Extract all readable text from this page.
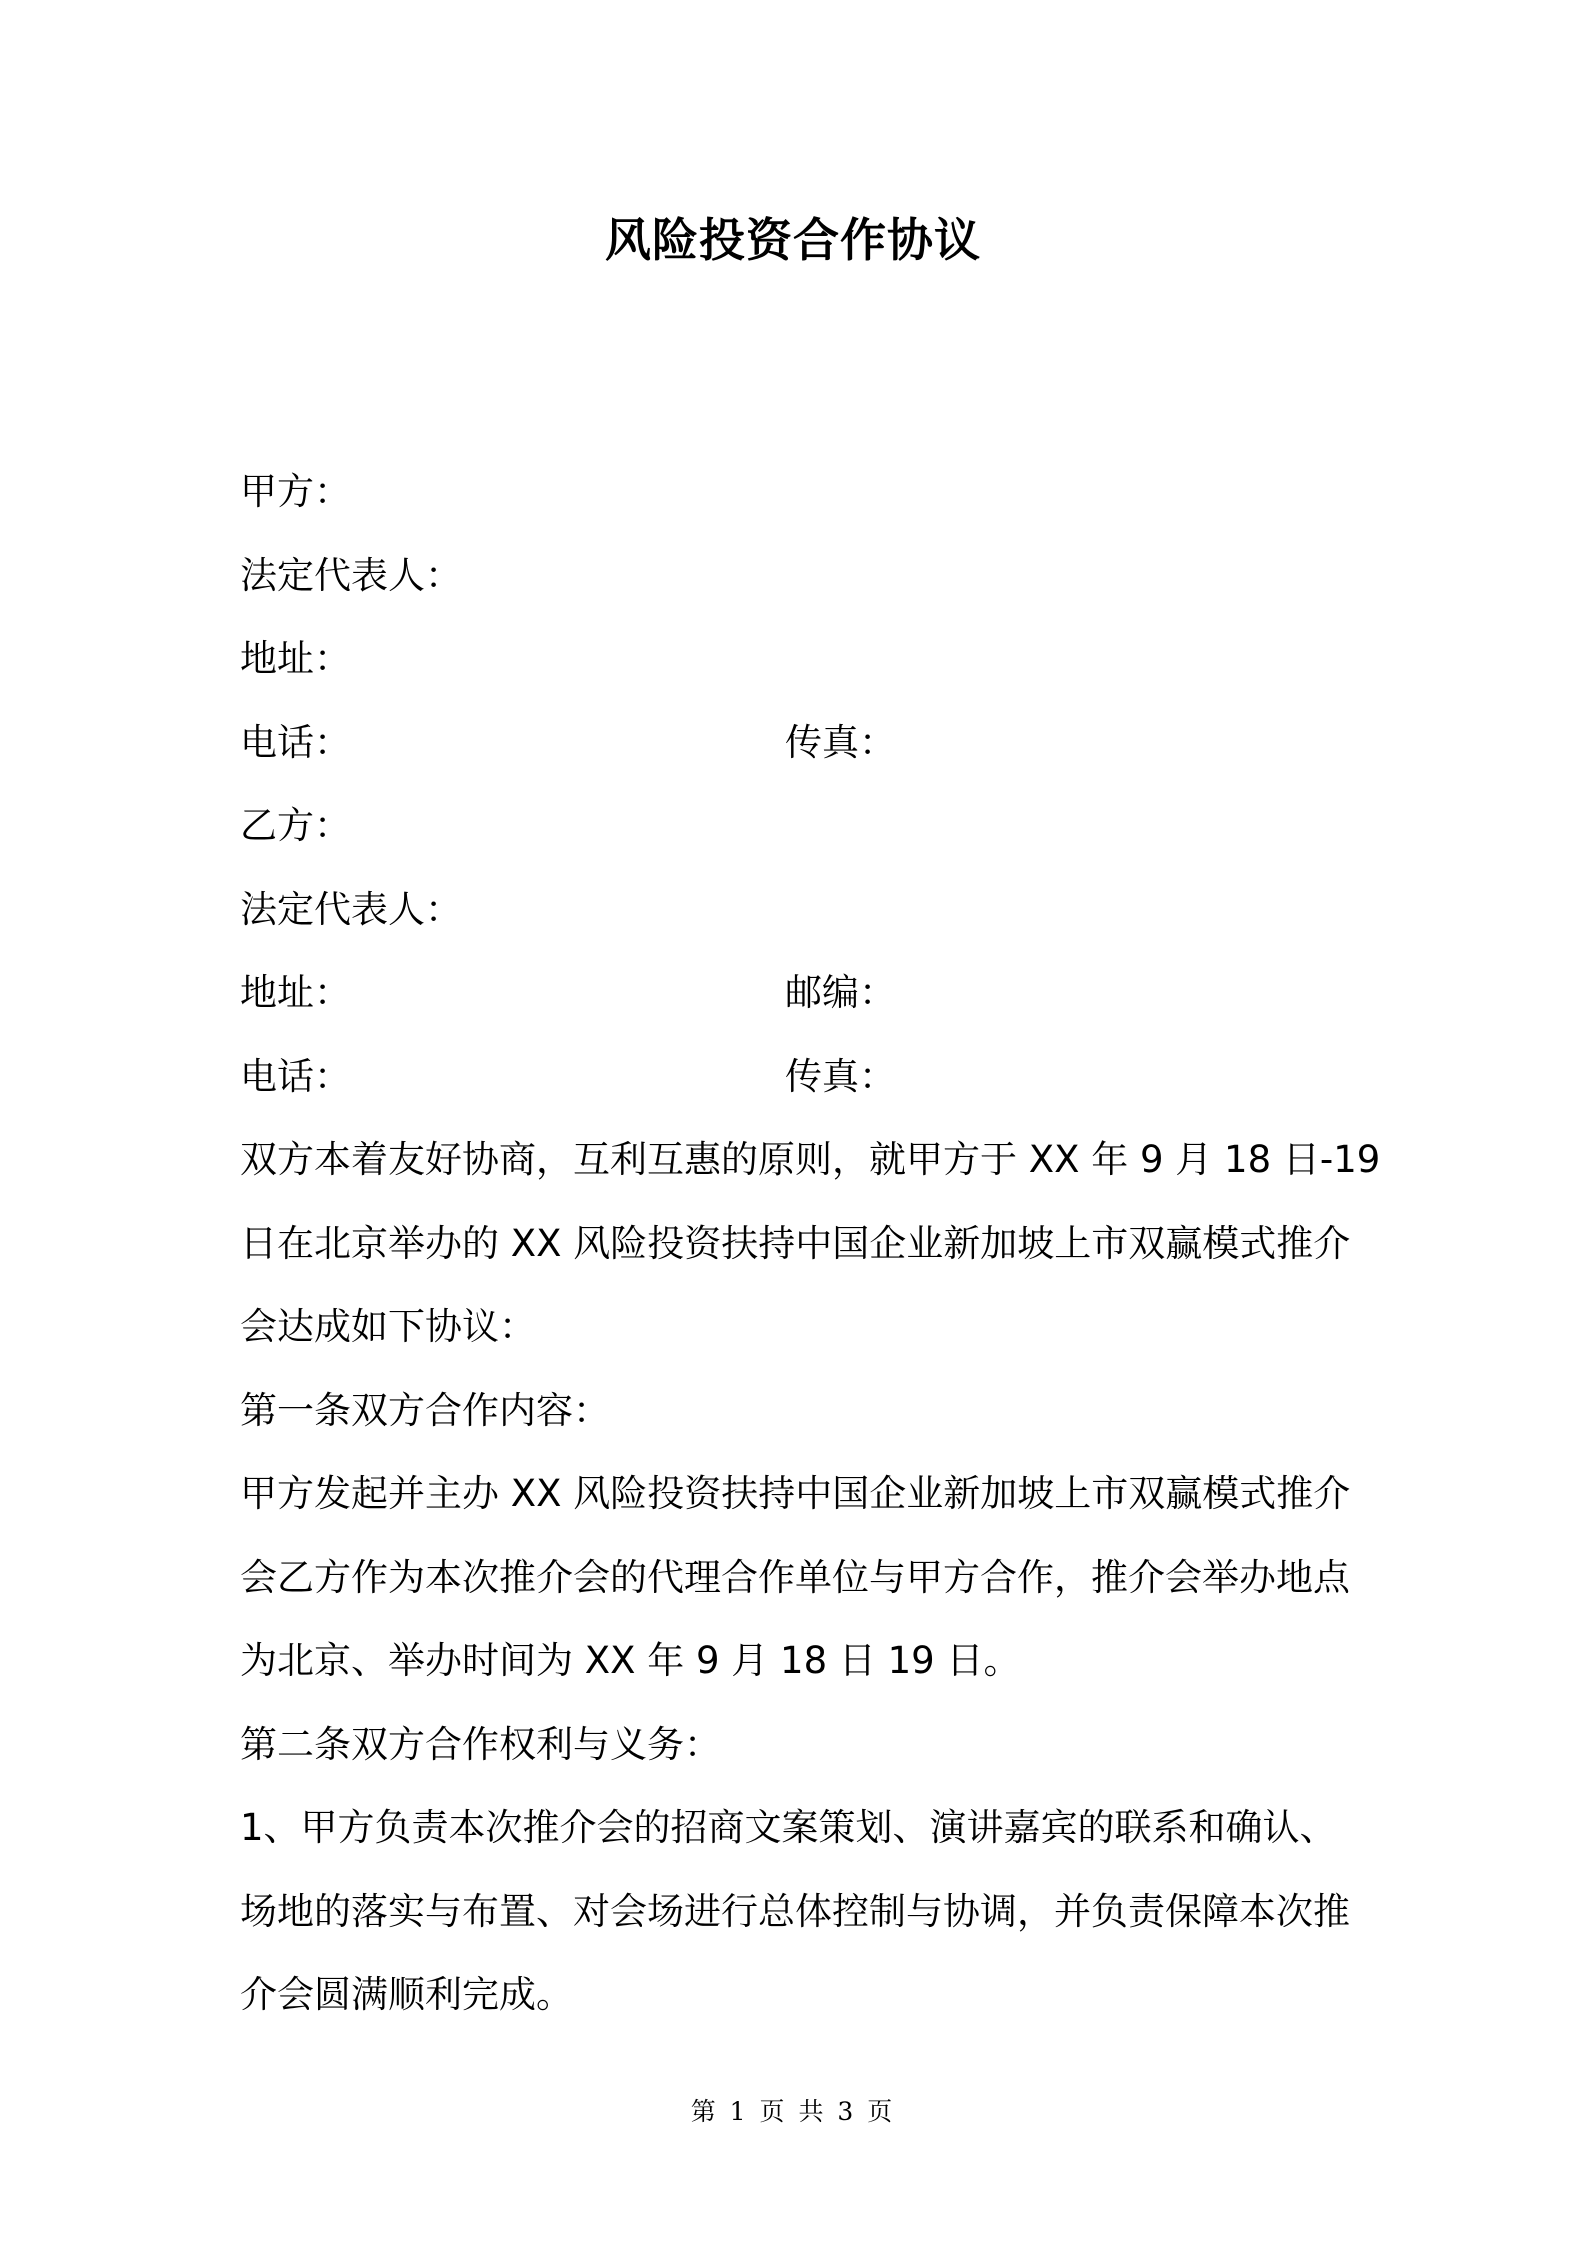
风险投资合作协议
甲方：
法定代表人：
地址：
电话：	传真：
乙方：
法定代表人：
地址：	邮编：
电话：	传真：
双方本着友好协商，互利互惠的原则，就甲方于 XX 年 9 月 18 日-19
日在北京举办的 XX 风险投资扶持中国企业新加坡上市双赢模式推介
会达成如下协议：
第一条双方合作内容：
甲方发起并主办 XX 风险投资扶持中国企业新加坡上市双赢模式推介
会乙方作为本次推介会的代理合作单位与甲方合作，推介会举办地点
为北京、举办时间为 XX 年 9 月 18 日 19 日。
第二条双方合作权利与义务：
1、甲方负责本次推介会的招商文案策划、演讲嘉宾的联系和确认、
场地的落实与布置、对会场进行总体控制与协调，并负责保障本次推
介会圆满顺利完成。
第 1 页 共 3 页
